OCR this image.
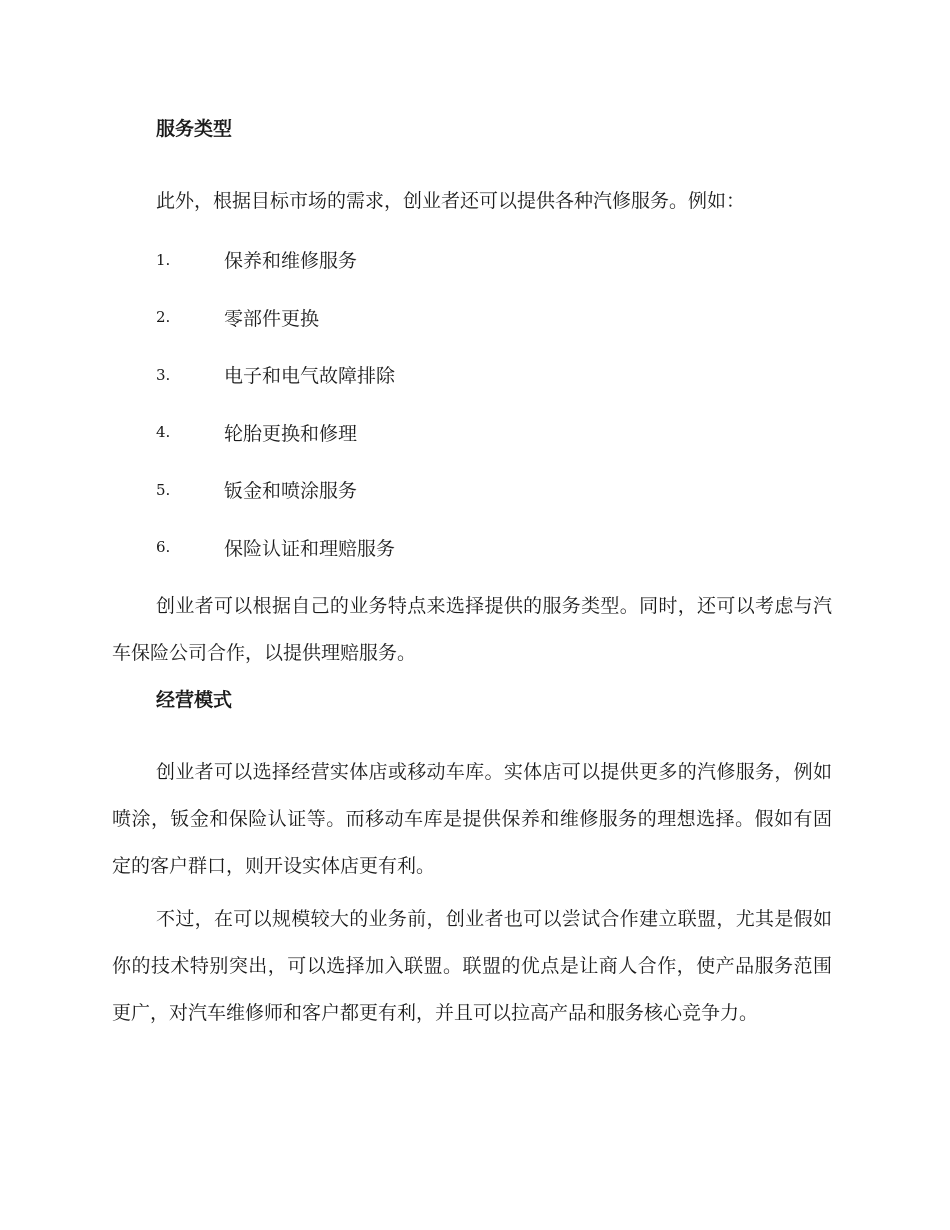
服务类型

此外，根据目标市场的需求，创业者还可以提供各种汽修服务。例如：

1.	保养和维修服务
2.	零部件更换
3.	电子和电气故障排除
4.	轮胎更换和修理
5.	钣金和喷涂服务
6.	保险认证和理赔服务

创业者可以根据自己的业务特点来选择提供的服务类型。同时，还可以考虑与汽车保险公司合作，以提供理赔服务。

经营模式

创业者可以选择经营实体店或移动车库。实体店可以提供更多的汽修服务，例如喷涂，钣金和保险认证等。而移动车库是提供保养和维修服务的理想选择。假如有固定的客户群口，则开设实体店更有利。

不过，在可以规模较大的业务前，创业者也可以尝试合作建立联盟，尤其是假如你的技术特别突出，可以选择加入联盟。联盟的优点是让商人合作，使产品服务范围更广，对汽车维修师和客户都更有利，并且可以拉高产品和服务核心竞争力。
